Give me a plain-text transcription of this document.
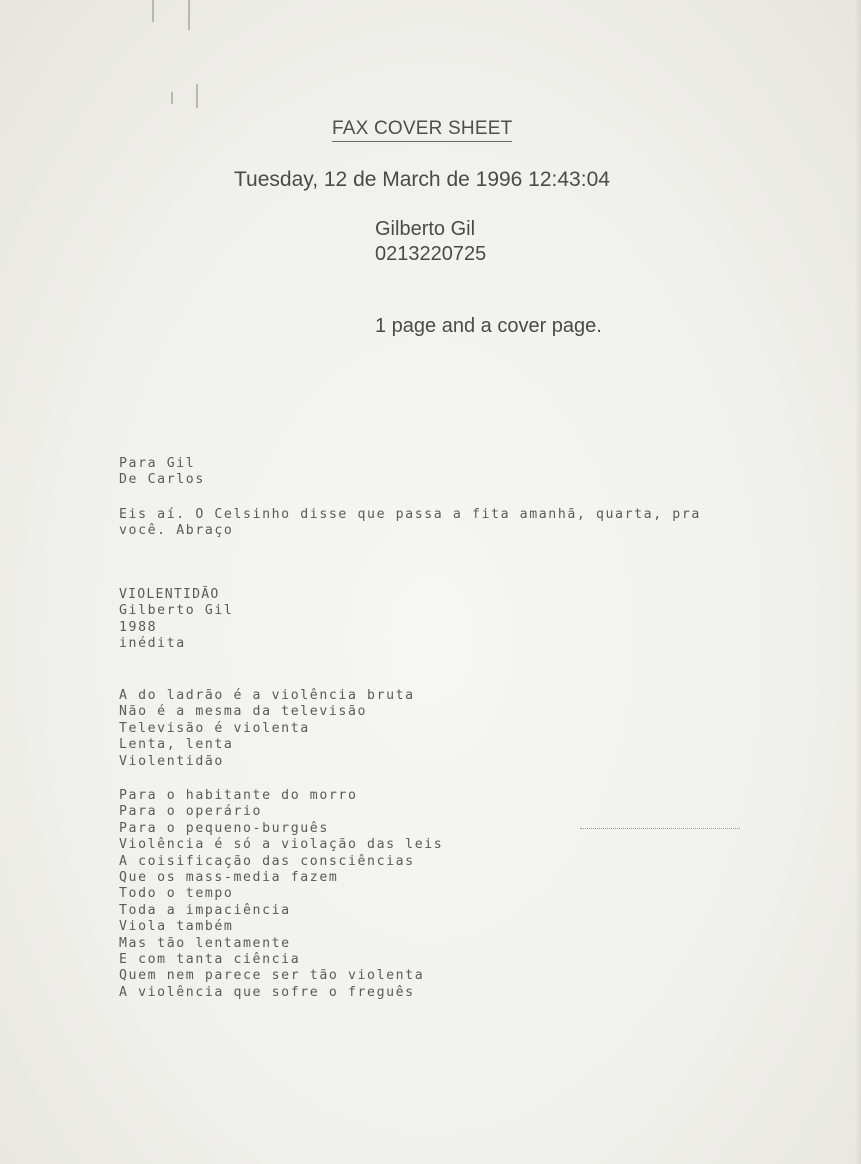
FAX COVER SHEET
Tuesday, 12 de March de 1996 12:43:04
Gilberto Gil
0213220725
1 page and a cover page.
Para Gil
De Carlos
Eis aí. O Celsinho disse que passa a fita amanhã, quarta, pra
você. Abraço
VIOLENTIDÃO
Gilberto Gil
1988
inédita
A do ladrão é a violência bruta
Não é a mesma da televisão
Televisão é violenta
Lenta, lenta
Violentidão
Para o habitante do morro
Para o operário
Para o pequeno-burguês
Violência é só a violação das leis
A coisificação das consciências
Que os mass-media fazem
Todo o tempo
Toda a impaciência
Viola também
Mas tão lentamente
E com tanta ciência
Quem nem parece ser tão violenta
A violência que sofre o freguês
